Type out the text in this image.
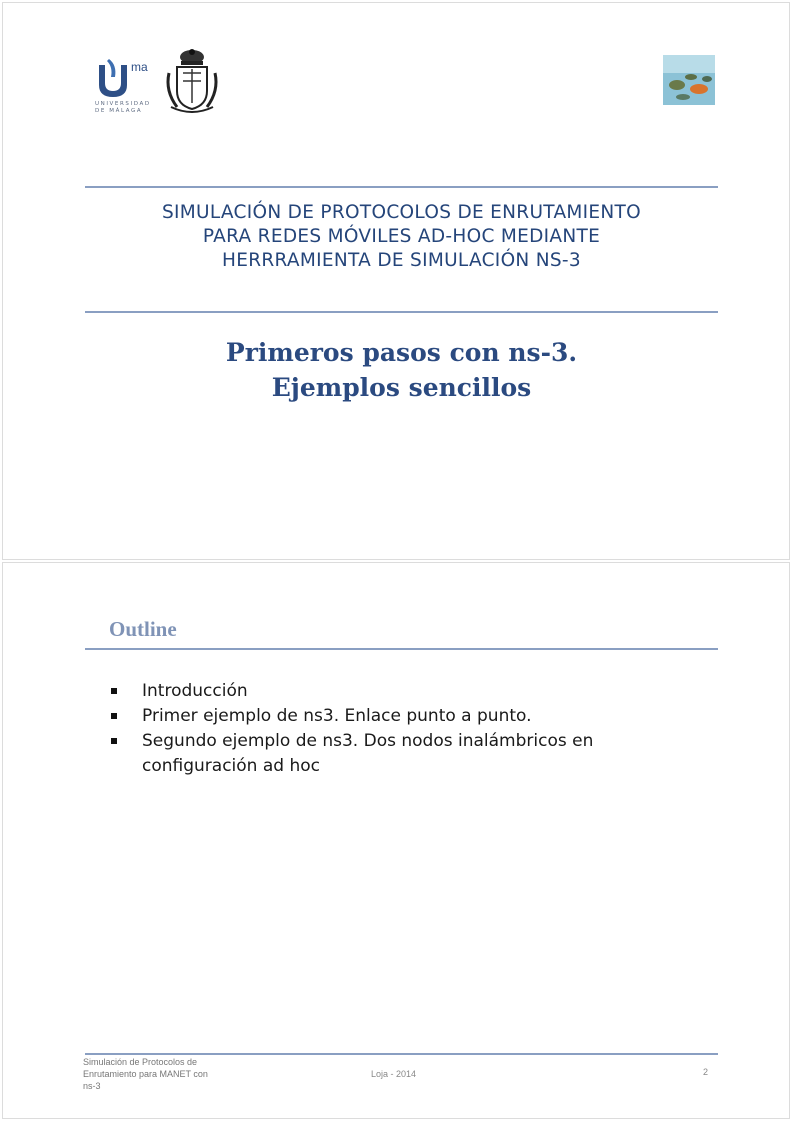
ma
UNIVERSIDAD
DE MÁLAGA
SIMULACIÓN DE PROTOCOLOS DE ENRUTAMIENTO
PARA REDES MÓVILES AD-HOC MEDIANTE
HERRRAMIENTA DE SIMULACIÓN NS-3
Primeros pasos con ns-3.
Ejemplos sencillos
Outline
Introducción
Primer ejemplo de ns3. Enlace punto a punto.
Segundo ejemplo de ns3. Dos nodos inalámbricos en configuración ad hoc
Simulación de Protocolos de
Enrutamiento para MANET con
ns-3
Loja - 2014	2
